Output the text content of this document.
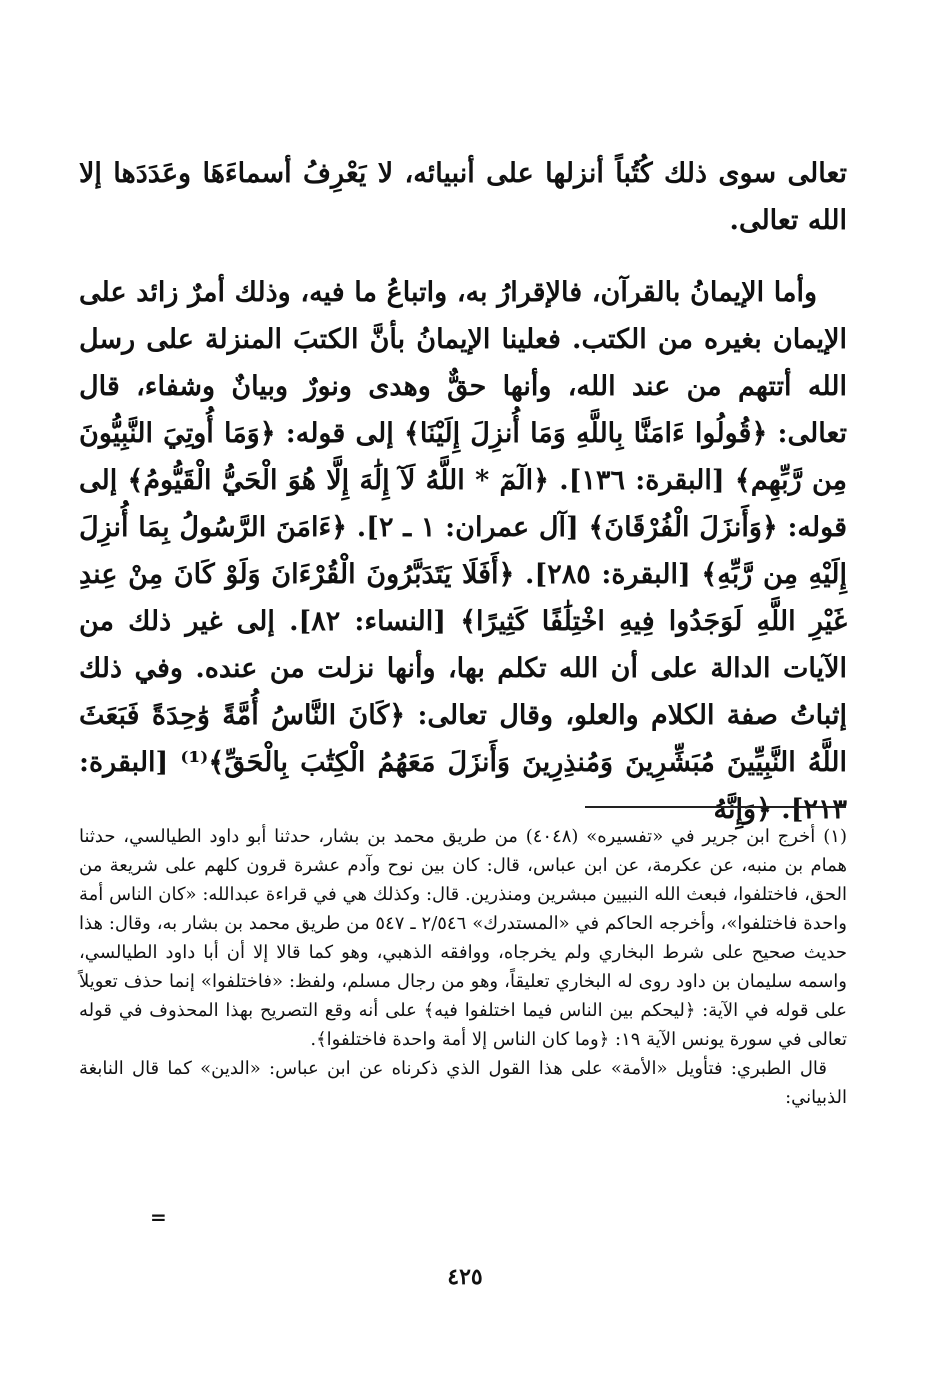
تعالى سوى ذلك كُتُباً أنزلها على أنبيائه، لا يَعْرِفُ أسماءَهَا وعَدَدَها إلا الله تعالى.

وأما الإيمانُ بالقرآن، فالإقرارُ به، واتباعُ ما فيه، وذلك أمرٌ زائد على الإيمان بغيره من الكتب. فعلينا الإيمانُ بأنَّ الكتبَ المنزلة على رسل الله أتتهم من عند الله، وأنها حقٌّ وهدى ونورٌ وبيانٌ وشفاء، قال تعالى: ﴿قُولُوا ءَامَنَّا بِاللَّهِ وَمَا أُنزِلَ إِلَيْنَا﴾ إلى قوله: ﴿وَمَا أُوتِيَ النَّبِيُّونَ مِن رَّبِّهِم﴾ [البقرة: ١٣٦]. ﴿الٓمٓ * اللَّهُ لَآ إِلَٰهَ إِلَّا هُوَ الْحَيُّ الْقَيُّومُ﴾ إلى قوله: ﴿وَأَنزَلَ الْفُرْقَانَ﴾ [آل عمران: ١ ـ ٢]. ﴿ءَامَنَ الرَّسُولُ بِمَا أُنزِلَ إِلَيْهِ مِن رَّبِّهِ﴾ [البقرة: ٢٨٥]. ﴿أَفَلَا يَتَدَبَّرُونَ الْقُرْءَانَ وَلَوْ كَانَ مِنْ عِندِ غَيْرِ اللَّهِ لَوَجَدُوا فِيهِ اخْتِلَٰفًا كَثِيرًا﴾ [النساء: ٨٢]. إلى غير ذلك من الآيات الدالة على أن الله تكلم بها، وأنها نزلت من عنده. وفي ذلك إثباتُ صفة الكلام والعلو، وقال تعالى: ﴿كَانَ النَّاسُ أُمَّةً وَٰحِدَةً فَبَعَثَ اللَّهُ النَّبِيِّينَ مُبَشِّرِينَ وَمُنذِرِينَ وَأَنزَلَ مَعَهُمُ الْكِتَٰبَ بِالْحَقِّ﴾⁽¹⁾ [البقرة: ٢١٣]. ﴿وَإِنَّهُ

(١)أخرج ابن جرير في «تفسيره» (٤٠٤٨) من طريق محمد بن بشار، حدثنا أبو داود الطيالسي، حدثنا همام بن منبه، عن عكرمة، عن ابن عباس، قال: كان بين نوح وآدم عشرة قرون كلهم على شريعة من الحق، فاختلفوا، فبعث الله النبيين مبشرين ومنذرين. قال: وكذلك هي في قراءة عبدالله: «كان الناس أمة واحدة فاختلفوا»، وأخرجه الحاكم في «المستدرك» ٢/٥٤٦ ـ ٥٤٧ من طريق محمد بن بشار به، وقال: هذا حديث صحيح على شرط البخاري ولم يخرجاه، ووافقه الذهبي، وهو كما قالا إلا أن أبا داود الطيالسي، واسمه سليمان بن داود روى له البخاري تعليقاً، وهو من رجال مسلم، ولفظ: «فاختلفوا» إنما حذف تعويلاً على قوله في الآية: ﴿ليحكم بين الناس فيما اختلفوا فيه﴾ على أنه وقع التصريح بهذا المحذوف في قوله تعالى في سورة يونس الآية ١٩: ﴿وما كان الناس إلا أمة واحدة فاختلفوا﴾.

قال الطبري: فتأويل «الأمة» على هذا القول الذي ذكرناه عن ابن عباس: «الدين» كما قال النابغة الذبياني:

=
٤٢٥
